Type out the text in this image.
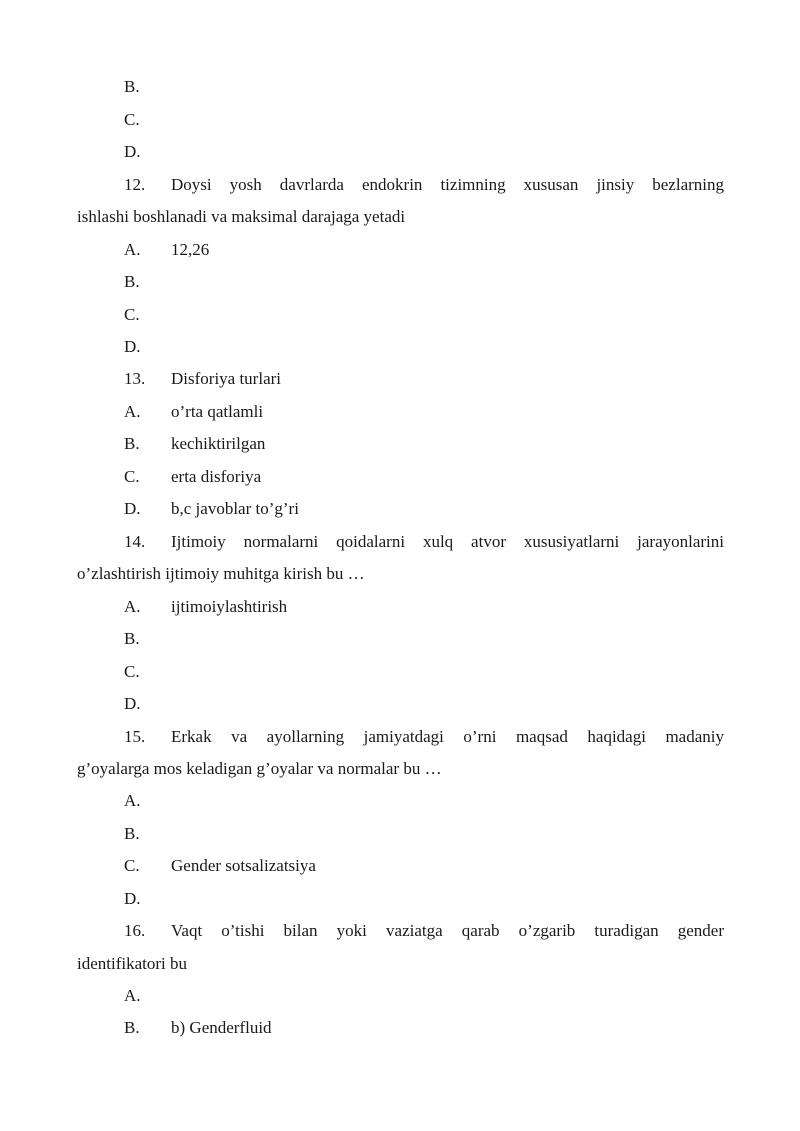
B.
C.
D.
12. Doysi yosh davrlarda endokrin tizimning xususan jinsiy bezlarning
ishlashi boshlanadi va maksimal darajaga yetadi
A. 12,26
B.
C.
D.
13. Disforiya turlari
A. o’rta qatlamli
B. kechiktirilgan
C. erta disforiya
D. b,c javoblar to’g’ri
14. Ijtimoiy normalarni qoidalarni xulq atvor xususiyatlarni jarayonlarini
o’zlashtirish ijtimoiy muhitga kirish bu …
A. ijtimoiylashtirish
B.
C.
D.
15. Erkak va ayollarning jamiyatdagi o’rni maqsad haqidagi madaniy
g’oyalarga mos keladigan g’oyalar va normalar bu …
A.
B.
C. Gender sotsalizatsiya
D.
16. Vaqt o’tishi bilan yoki vaziatga qarab o’zgarib turadigan gender
identifikatori bu
A.
B. b) Genderfluid
